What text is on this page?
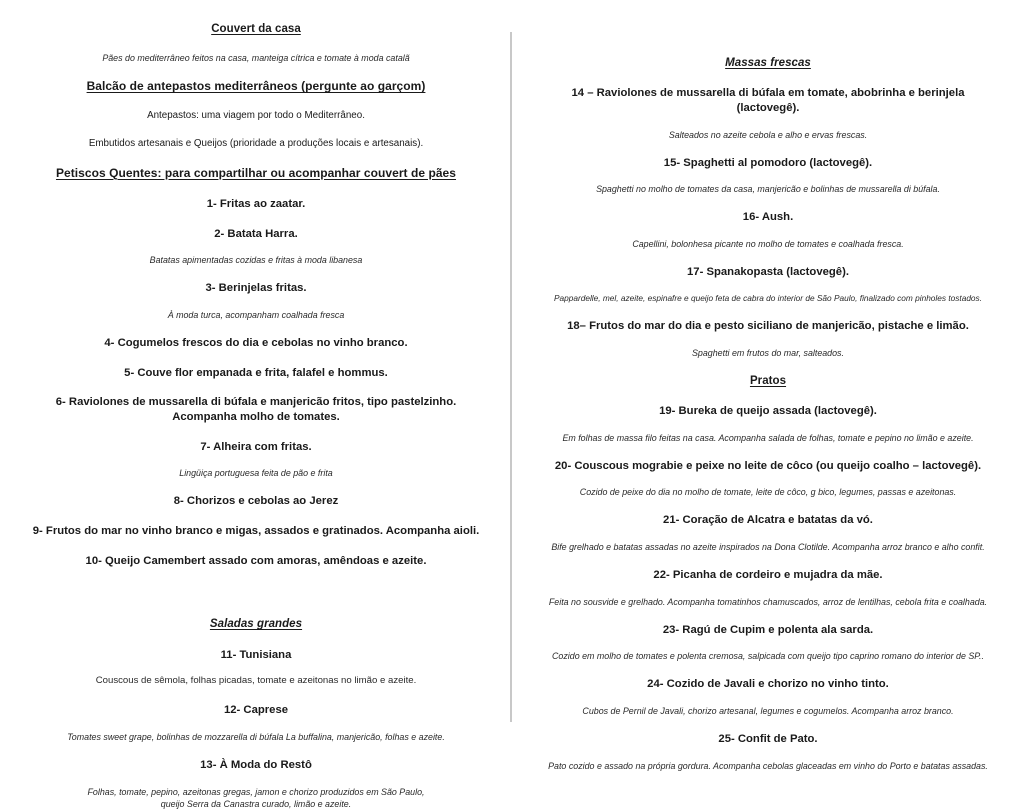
Couvert da casa
Pães do mediterrâneo feitos na casa, manteiga cítrica e tomate à moda catalã
Balcão de antepastos mediterrâneos (pergunte ao garçom)
Antepastos: uma viagem por todo o Mediterrâneo.
Embutidos artesanais e Queijos (prioridade a produções locais e artesanais).
Petiscos Quentes: para compartilhar ou acompanhar couvert de pães
1- Fritas ao zaatar.
2- Batata Harra.
Batatas apimentadas cozidas e fritas à moda libanesa
3- Berinjelas fritas.
À moda turca, acompanham coalhada fresca
4- Cogumelos frescos do dia e cebolas no vinho branco.
5- Couve flor empanada e frita, falafel e hommus.
6- Raviolones de mussarella di búfala e manjericão fritos, tipo pastelzinho. Acompanha molho de tomates.
7- Alheira com fritas.
Lingüiça portuguesa feita de pão e frita
8- Chorizos e cebolas ao Jerez
9- Frutos do mar no vinho branco e migas, assados e gratinados. Acompanha aioli.
10- Queijo Camembert assado com amoras, amêndoas e azeite.
Saladas grandes
11- Tunisiana
Couscous de sêmola, folhas picadas, tomate e azeitonas no limão e azeite.
12- Caprese
Tomates sweet grape, bolinhas de mozzarella di búfala La buffalina, manjericão, folhas e azeite.
13- À Moda do Restô
Folhas, tomate, pepino, azeitonas gregas, jamon e chorizo produzidos em São Paulo, queijo Serra da Canastra curado, limão e azeite.
Massas frescas
14 – Raviolones de mussarella di búfala em tomate, abobrinha e berinjela (lactovegê).
Salteados no azeite cebola e alho e ervas frescas.
15- Spaghetti al pomodoro (lactovegê).
Spaghetti no molho de tomates da casa, manjericão e bolinhas de mussarella di búfala.
16- Aush.
Capellini, bolonhesa picante no molho de tomates e coalhada fresca.
17- Spanakopasta (lactovegê).
Pappardelle, mel, azeite, espinafre e queijo feta de cabra do interior de São Paulo, finalizado com pinholes tostados.
18– Frutos do mar do dia e pesto siciliano de manjericão, pistache e limão.
Spaghetti em frutos do mar, salteados.
Pratos
19- Bureka de queijo assada (lactovegê).
Em folhas de massa filo feitas na casa. Acompanha salada de folhas, tomate e pepino no limão e azeite.
20- Couscous mograbie e peixe no leite de côco (ou queijo coalho – lactovegê).
Cozido de peixe do dia no molho de tomate, leite de côco, g bico, legumes, passas e azeitonas.
21- Coração de Alcatra e batatas da vó.
Bife grelhado e batatas assadas no azeite inspirados na Dona Clotilde. Acompanha arroz branco e alho confit.
22- Picanha de cordeiro e mujadra da mãe.
Feita no sousvide e grelhado. Acompanha tomatinhos chamuscados, arroz de lentilhas, cebola frita e coalhada.
23- Ragú de Cupim e polenta ala sarda.
Cozido em molho de tomates e polenta cremosa, salpicada com queijo tipo caprino romano do interior de SP..
24- Cozido de Javali e chorizo no vinho tinto.
Cubos de Pernil de Javali, chorizo artesanal, legumes e cogumelos. Acompanha arroz branco.
25- Confit de Pato.
Pato cozido e assado na própria gordura. Acompanha cebolas glaceadas em vinho do Porto e batatas assadas.
